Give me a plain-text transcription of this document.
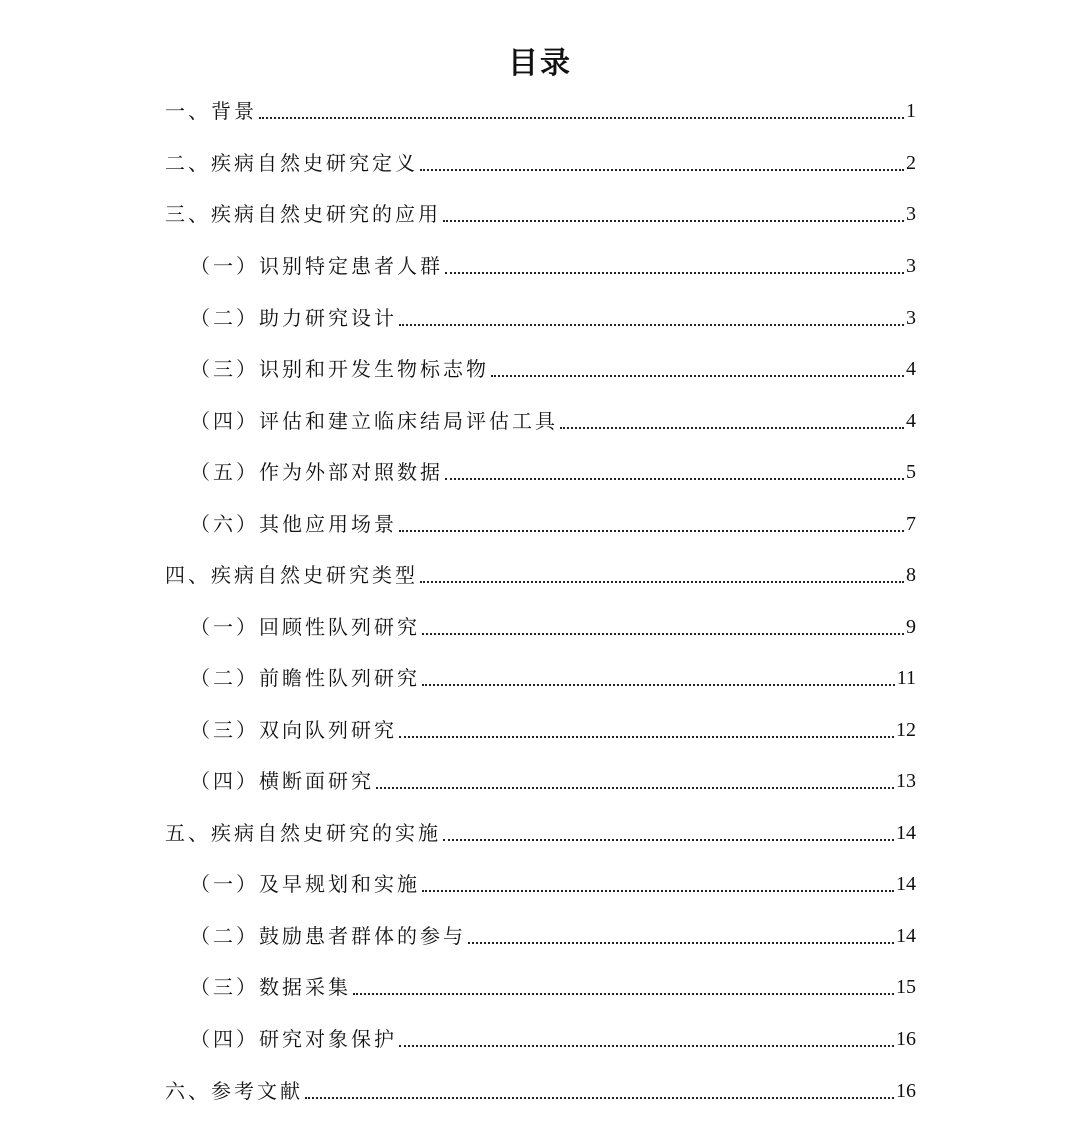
目录
一、背景	1
二、疾病自然史研究定义	2
三、疾病自然史研究的应用	3
（一）识别特定患者人群	3
（二）助力研究设计	3
（三）识别和开发生物标志物	4
（四）评估和建立临床结局评估工具	4
（五）作为外部对照数据	5
（六）其他应用场景	7
四、疾病自然史研究类型	8
（一）回顾性队列研究	9
（二）前瞻性队列研究	11
（三）双向队列研究	12
（四）横断面研究	13
五、疾病自然史研究的实施	14
（一）及早规划和实施	14
（二）鼓励患者群体的参与	14
（三）数据采集	15
（四）研究对象保护	16
六、参考文献	16
